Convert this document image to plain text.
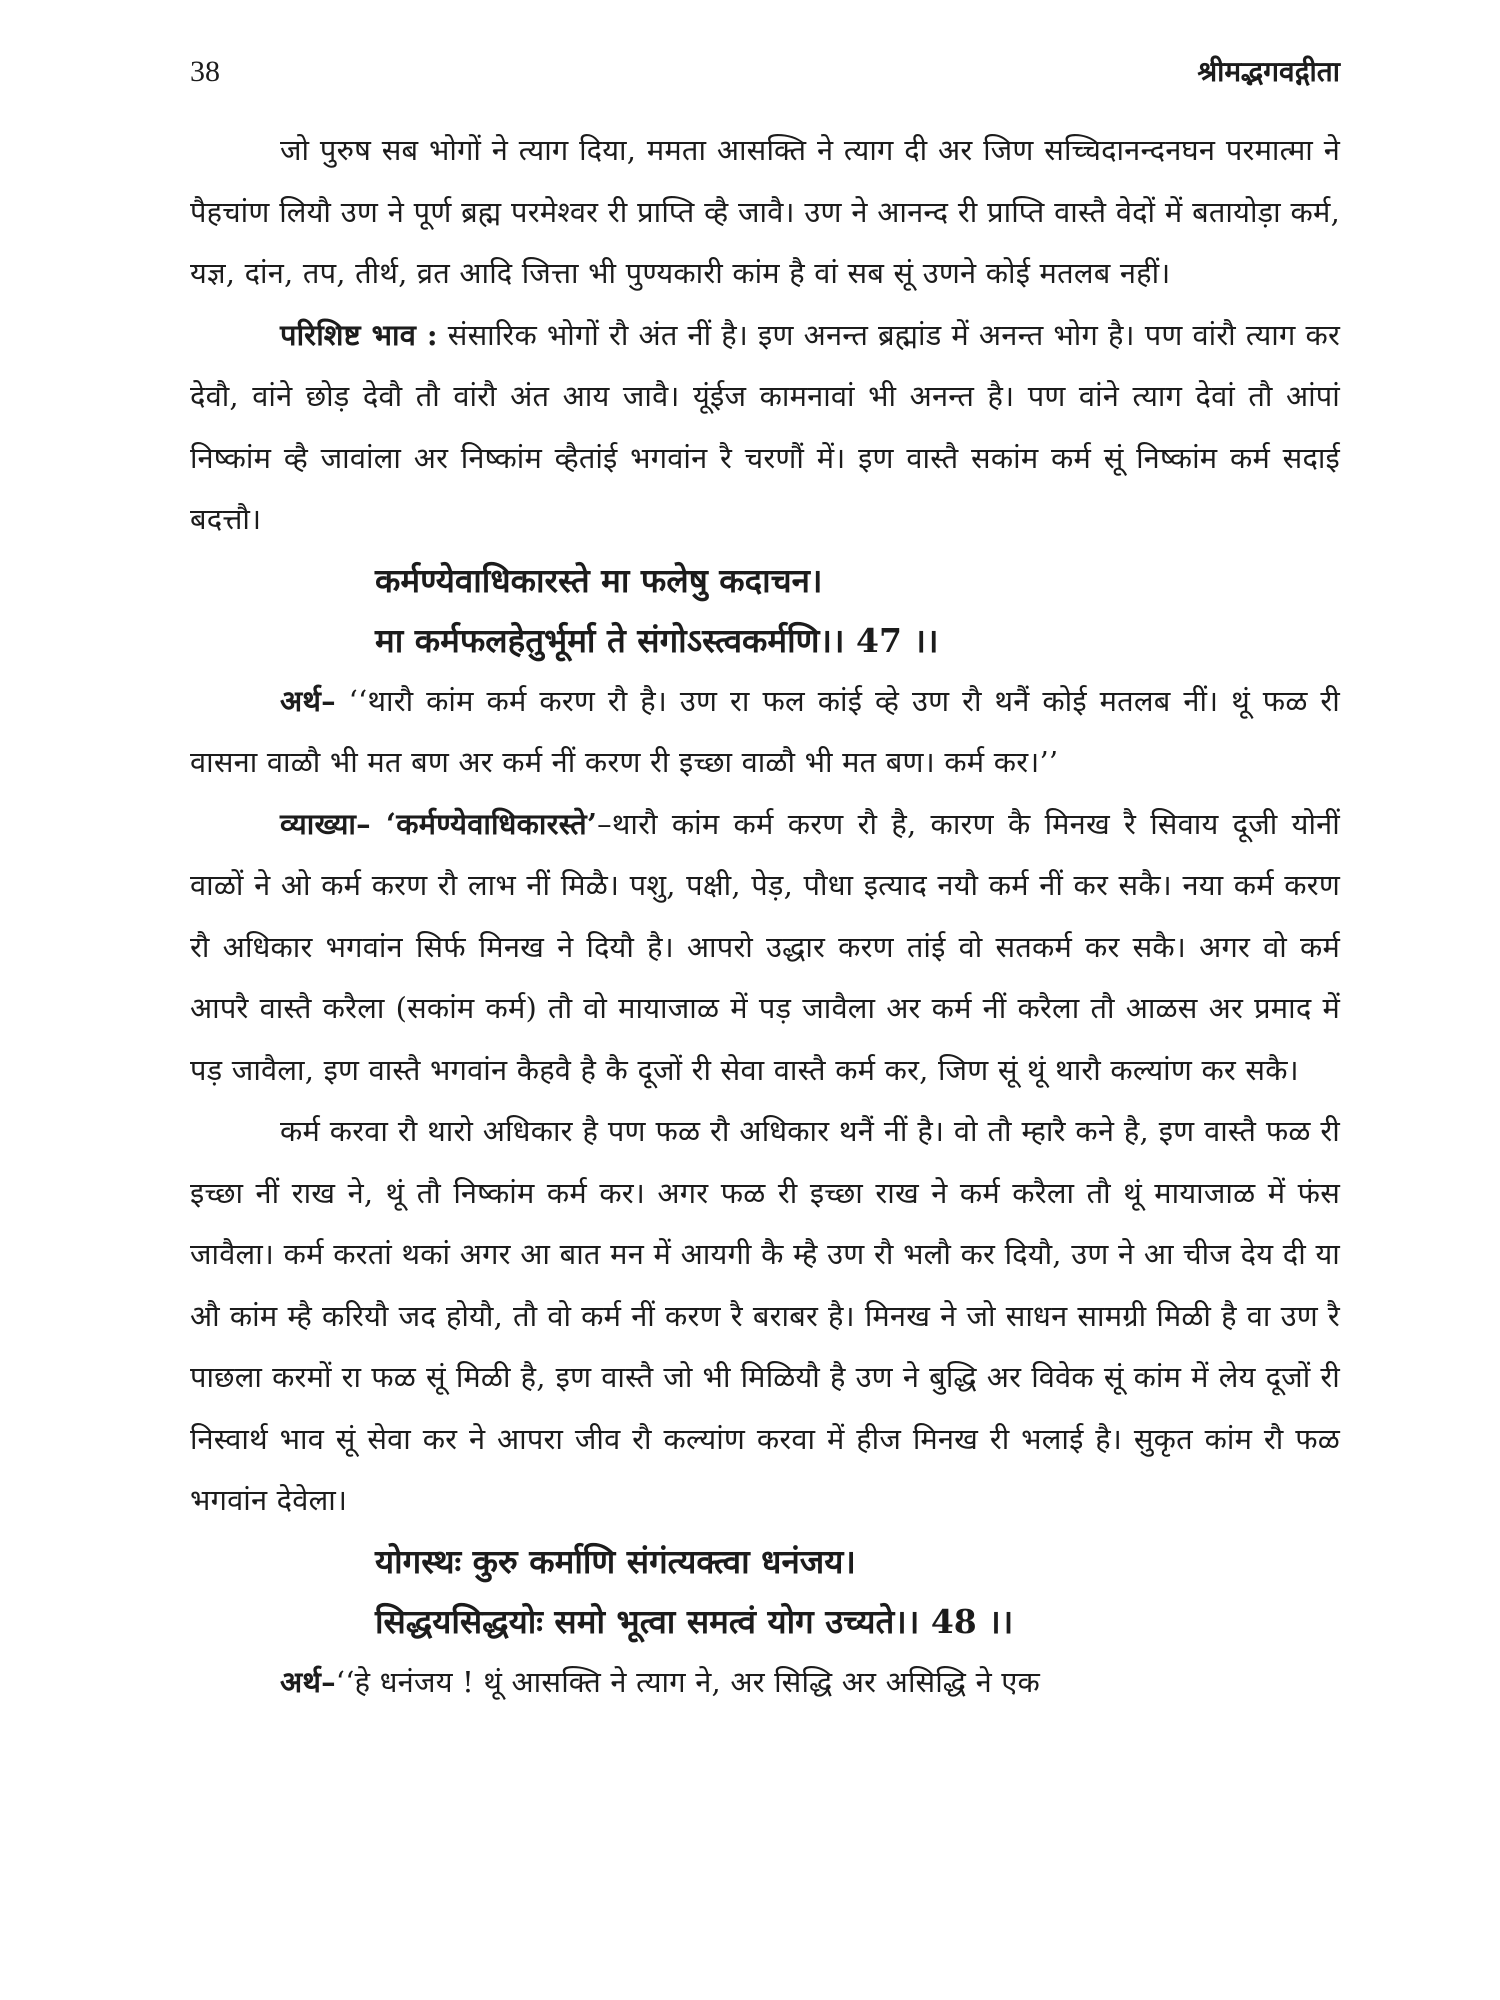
38	श्रीमद्भगवद्गीता

जो पुरुष सब भोगों ने त्याग दिया, ममता आसक्ति ने त्याग दी अर जिण सच्चिदानन्दनघन परमात्मा ने पैहचांण लियौ उण ने पूर्ण ब्रह्म परमेश्वर री प्राप्ति व्है जावै। उण ने आनन्द री प्राप्ति वास्तै वेदों में बतायोड़ा कर्म, यज्ञ, दांन, तप, तीर्थ, व्रत आदि जित्ता भी पुण्यकारी कांम है वां सब सूं उणने कोई मतलब नहीं।

परिशिष्ट भाव : संसारिक भोगों रौ अंत नीं है। इण अनन्त ब्रह्मांड में अनन्त भोग है। पण वांरौ त्याग कर देवौ, वांने छोड़ देवौ तौ वांरौ अंत आय जावै। यूंईज कामनावां भी अनन्त है। पण वांने त्याग देवां तौ आंपां निष्कांम व्है जावांला अर निष्कांम व्हैतांई भगवांन रै चरणौं में। इण वास्तै सकांम कर्म सूं निष्कांम कर्म सदाई बदत्तौ।

कर्मण्येवाधिकारस्ते मा फलेषु कदाचन।
मा कर्मफलहेतुर्भूर्मा ते संगोऽस्त्वकर्मणि।। 47 ।।

अर्थ– ‘‘थारौ कांम कर्म करण रौ है। उण रा फल कांई व्हे उण रौ थनैं कोई मतलब नीं। थूं फळ री वासना वाळौ भी मत बण अर कर्म नीं करण री इच्छा वाळौ भी मत बण। कर्म कर।’’

व्याख्या– ‘कर्मण्येवाधिकारस्ते’–थारौ कांम कर्म करण रौ है, कारण कै मिनख रै सिवाय दूजी योनीं वाळों ने ओ कर्म करण रौ लाभ नीं मिळै। पशु, पक्षी, पेड़, पौधा इत्याद नयौ कर्म नीं कर सकै। नया कर्म करण रौ अधिकार भगवांन सिर्फ मिनख ने दियौ है। आपरो उद्धार करण तांई वो सतकर्म कर सकै। अगर वो कर्म आपरै वास्तै करैला (सकांम कर्म) तौ वो मायाजाळ में पड़ जावैला अर कर्म नीं करैला तौ आळस अर प्रमाद में पड़ जावैला, इण वास्तै भगवांन कैहवै है कै दूजों री सेवा वास्तै कर्म कर, जिण सूं थूं थारौ कल्यांण कर सकै।

कर्म करवा रौ थारो अधिकार है पण फळ रौ अधिकार थनैं नीं है। वो तौ म्हारै कने है, इण वास्तै फळ री इच्छा नीं राख ने, थूं तौ निष्कांम कर्म कर। अगर फळ री इच्छा राख ने कर्म करैला तौ थूं मायाजाळ में फंस जावैला। कर्म करतां थकां अगर आ बात मन में आयगी कै म्है उण रौ भलौ कर दियौ, उण ने आ चीज देय दी या औ कांम म्है करियौ जद होयौ, तौ वो कर्म नीं करण रै बराबर है। मिनख ने जो साधन सामग्री मिळी है वा उण रै पाछला करमों रा फळ सूं मिळी है, इण वास्तै जो भी मिळियौ है उण ने बुद्धि अर विवेक सूं कांम में लेय दूजों री निस्वार्थ भाव सूं सेवा कर ने आपरा जीव रौ कल्यांण करवा में हीज मिनख री भलाई है। सुकृत कांम रौ फळ भगवांन देवेला।

योगस्थः कुरु कर्माणि संगंत्यक्त्वा धनंजय।
सिद्धयसिद्धयोः समो भूत्वा समत्वं योग उच्यते।। 48 ।।

अर्थ–‘‘हे धनंजय ! थूं आसक्ति ने त्याग ने, अर सिद्धि अर असिद्धि ने एक
